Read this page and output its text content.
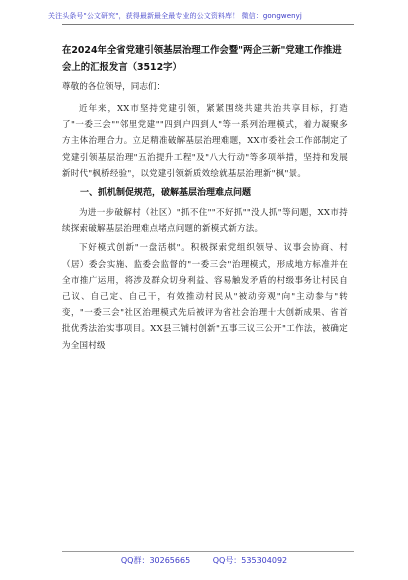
关注头条号"公文研究"，获得最新最全最专业的公文资料库！ 微信：gongwenyj
在2024年全省党建引领基层治理工作会暨"两企三新"党建工作推进会上的汇报发言（3512字）
尊敬的各位领导，同志们：

近年来，XX市坚持党建引领，紧紧围绕共建共治共享目标，打造了"一委三会""邻里党建""四到户四到人"等一系列治理模式，着力凝聚多方主体治理合力。立足精准破解基层治理难题，XX市委社会工作部制定了党建引领基层治理"五治提升工程"及"八大行动"等多项举措，坚持和发展新时代"枫桥经验"，以党建引领新质效绘就基层治理新"枫"景。

一、抓机制促规范，破解基层治理难点问题

为进一步破解村（社区）"抓不住""不好抓""没人抓"等问题，XX市持续探索破解基层治理难点堵点问题的新模式新方法。

下好模式创新"一盘活棋"。积极探索党组织领导、议事会协商、村（居）委会实施、监委会监督的"一委三会"治理模式，形成地方标准并在全市推广运用，将涉及群众切身利益、容易触发矛盾的村级事务让村民自己议、自己定、自己干，有效推动村民从"被动旁观"向"主动参与"转变，"一委三会"社区治理模式先后被评为省社会治理十大创新成果、省首批优秀法治实事项目。XX县三铺村创新"五事三议三公开"工作法，被确定为全国村级

QQ群：30265665	QQ号：535304092
